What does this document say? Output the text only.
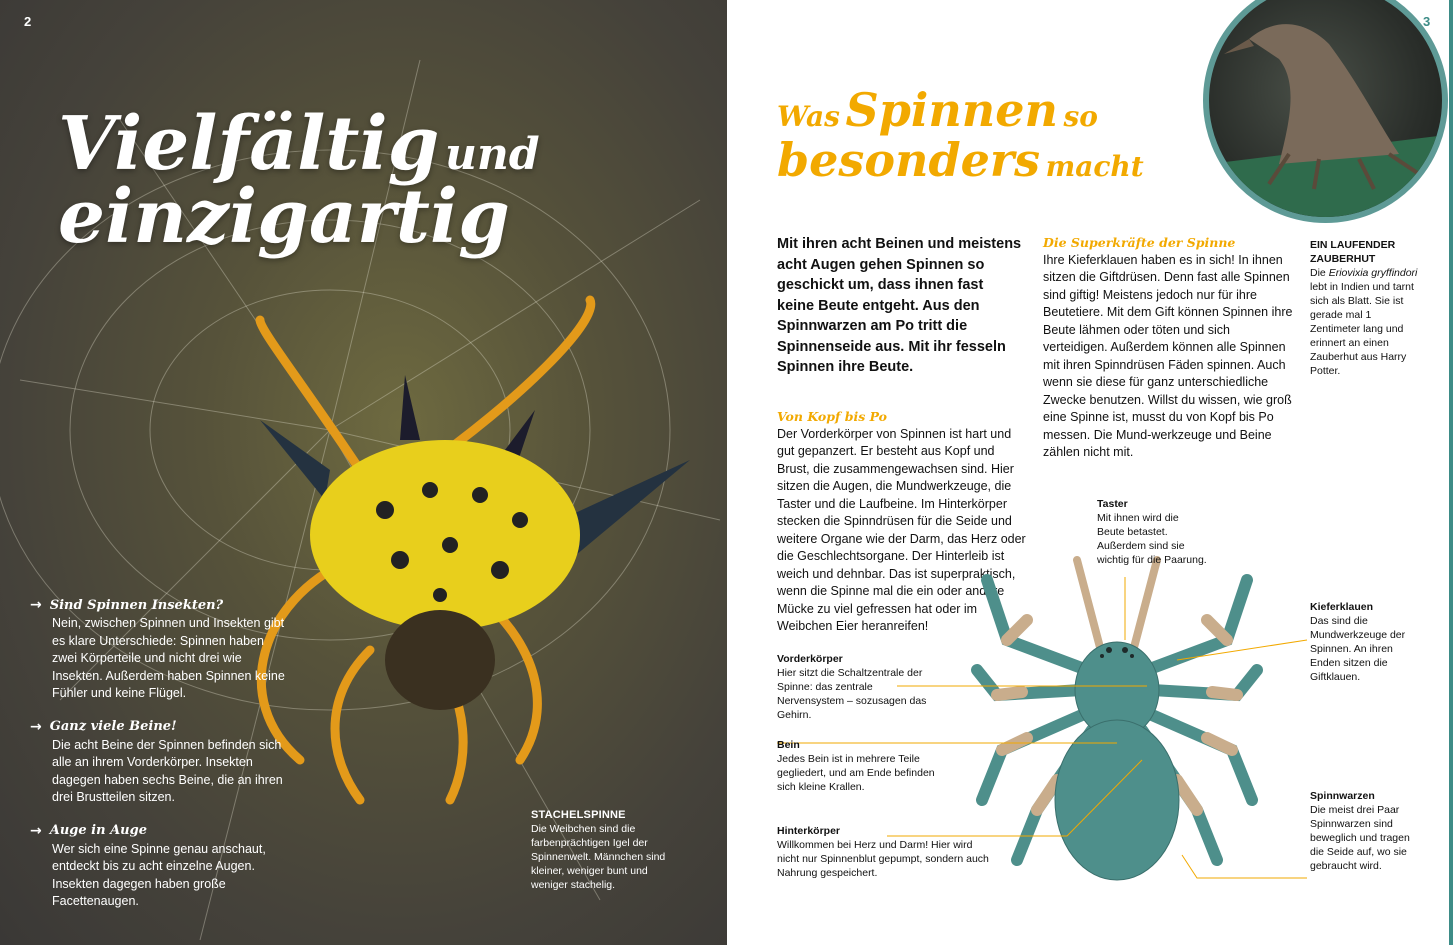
2
Vielfältig und
einzigartig
→ Sind Spinnen Insekten?

Nein, zwischen Spinnen und Insekten gibt es klare Unterschiede: Spinnen haben zwei Körperteile und nicht drei wie Insekten. Außerdem haben Spinnen keine Fühler und keine Flügel.

→ Ganz viele Beine!

Die acht Beine der Spinnen befinden sich alle an ihrem Vorderkörper. Insekten dagegen haben sechs Beine, die an ihren drei Brustteilen sitzen.

→ Auge in Auge

Wer sich eine Spinne genau anschaut, entdeckt bis zu acht einzelne Augen. Insekten dagegen haben große Facettenaugen.

STACHELSPINNE
Die Weibchen sind die farbenprächtigen Igel der Spinnenwelt. Männchen sind kleiner, weniger bunt und weniger stachelig.
3
Was Spinnen so
besonders macht
Mit ihren acht Beinen und meistens acht Augen gehen Spinnen so geschickt um, dass ihnen fast keine Beute entgeht. Aus den Spinnwarzen am Po tritt die Spinnenseide aus. Mit ihr fesseln Spinnen ihre Beute.
Von Kopf bis Po
Der Vorderkörper von Spinnen ist hart und gut gepanzert. Er besteht aus Kopf und Brust, die zusammengewachsen sind. Hier sitzen die Augen, die Mundwerkzeuge, die Taster und die Laufbeine. Im Hinterkörper stecken die Spinndrüsen für die Seide und weitere Organe wie der Darm, das Herz oder die Geschlechtsorgane. Der Hinterleib ist weich und dehnbar. Das ist superpraktisch, wenn die Spinne mal die ein oder andere Mücke zu viel gefressen hat oder im Weibchen Eier heranreifen!
Die Superkräfte der Spinne
Ihre Kieferklauen haben es in sich! In ihnen sitzen die Giftdrüsen. Denn fast alle Spinnen sind giftig! Meistens jedoch nur für ihre Beutetiere. Mit dem Gift können Spinnen ihre Beute lähmen oder töten und sich verteidigen. Außerdem können alle Spinnen mit ihren Spinndrüsen Fäden spinnen. Auch wenn sie diese für ganz unterschiedliche Zwecke benutzen. Willst du wissen, wie groß eine Spinne ist, musst du von Kopf bis Po messen. Die Mund-werkzeuge und Beine zählen nicht mit.
EIN LAUFENDER ZAUBERHUT
Die Eriovixia gryffindori lebt in Indien und tarnt sich als Blatt. Sie ist gerade mal 1 Zentimeter lang und erinnert an einen Zauberhut aus Harry Potter.
Taster
Mit ihnen wird die Beute betastet. Außerdem sind sie wichtig für die Paarung.
Kieferklauen
Das sind die Mundwerkzeuge der Spinnen. An ihren Enden sitzen die Giftklauen.
Vorderkörper
Hier sitzt die Schaltzentrale der Spinne: das zentrale Nervensystem – sozusagen das Gehirn.
Bein
Jedes Bein ist in mehrere Teile gegliedert, und am Ende befinden sich kleine Krallen.
Hinterkörper
Willkommen bei Herz und Darm! Hier wird nicht nur Spinnenblut gepumpt, sondern auch Nahrung gespeichert.
Spinnwarzen
Die meist drei Paar Spinnwarzen sind beweglich und tragen die Seide auf, wo sie gebraucht wird.
